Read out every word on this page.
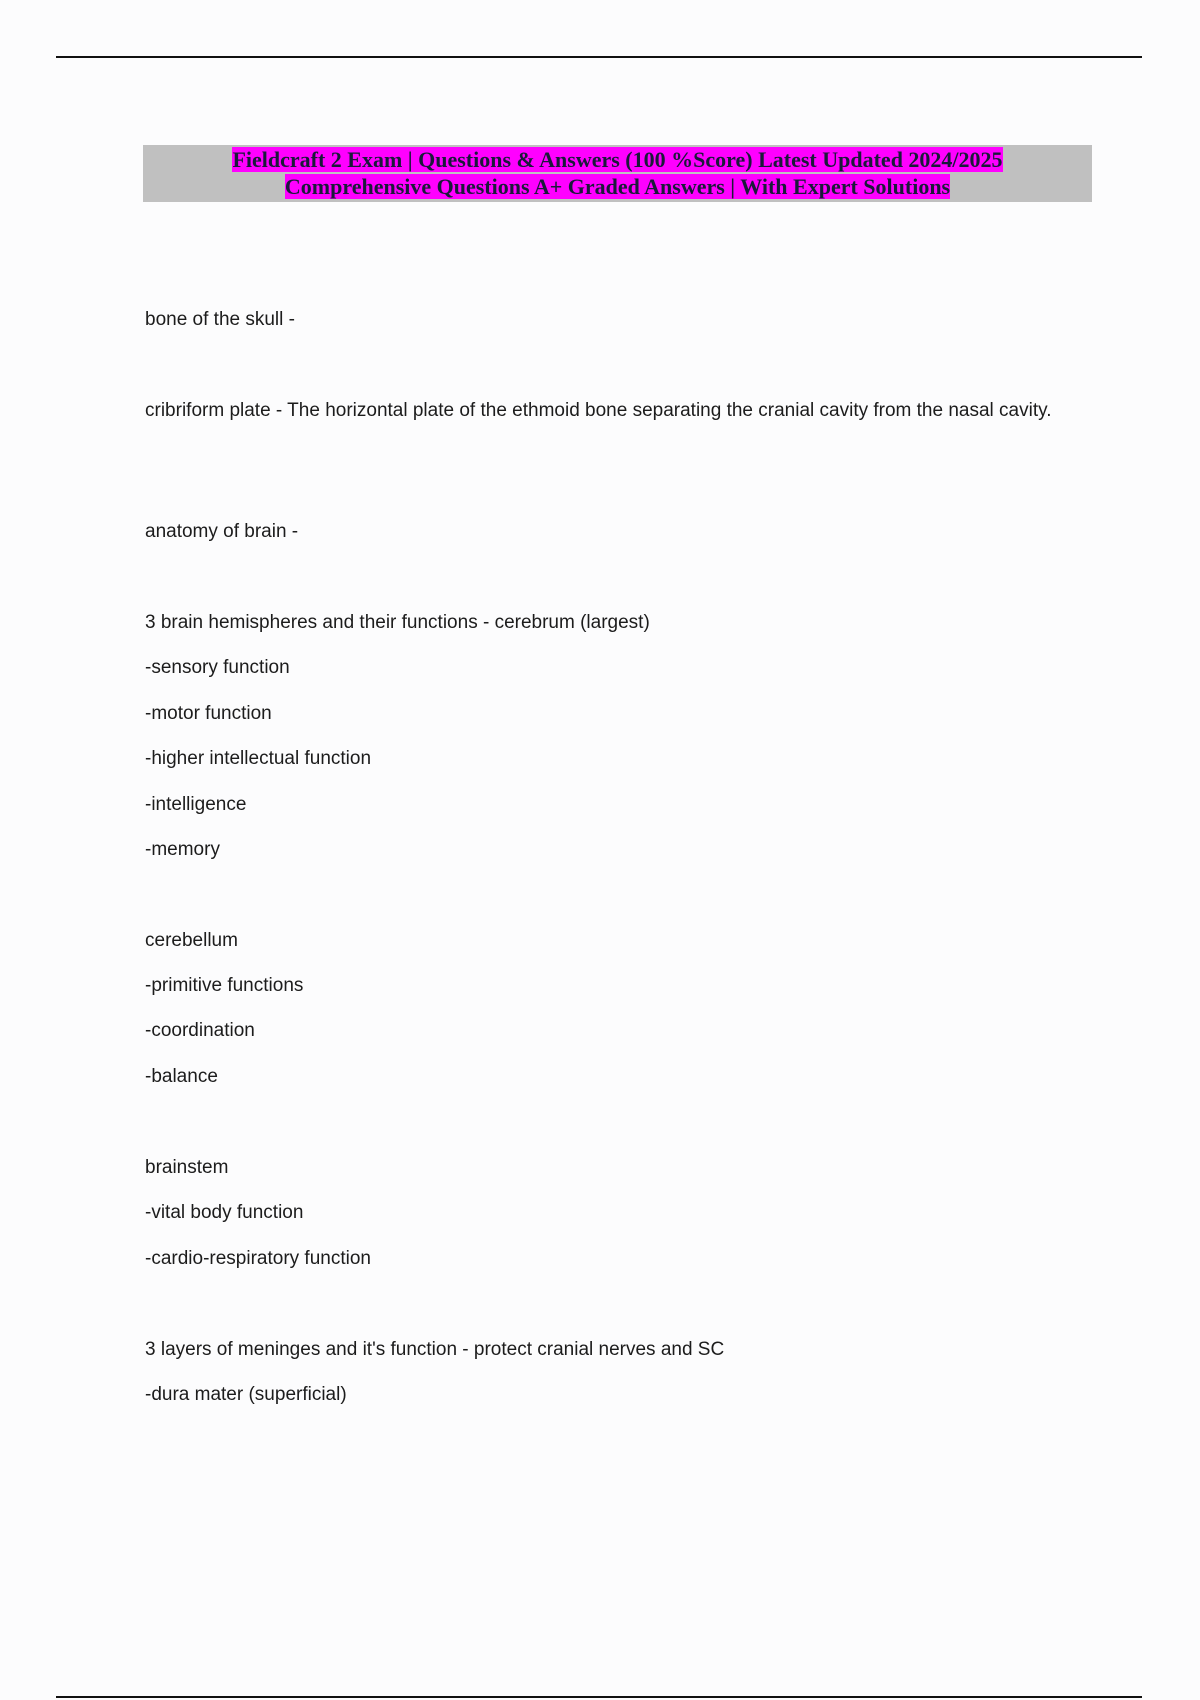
Fieldcraft 2 Exam | Questions & Answers (100 %Score) Latest Updated 2024/2025
Comprehensive Questions A+ Graded Answers | With Expert Solutions
bone of the skull -
cribriform plate - The horizontal plate of the ethmoid bone separating the cranial cavity from the nasal cavity.
anatomy of brain -
3 brain hemispheres and their functions - cerebrum (largest)
-sensory function
-motor function
-higher intellectual function
-intelligence
-memory
cerebellum
-primitive functions
-coordination
-balance
brainstem
-vital body function
-cardio-respiratory function
3 layers of meninges and it's function - protect cranial nerves and SC
-dura mater (superficial)
